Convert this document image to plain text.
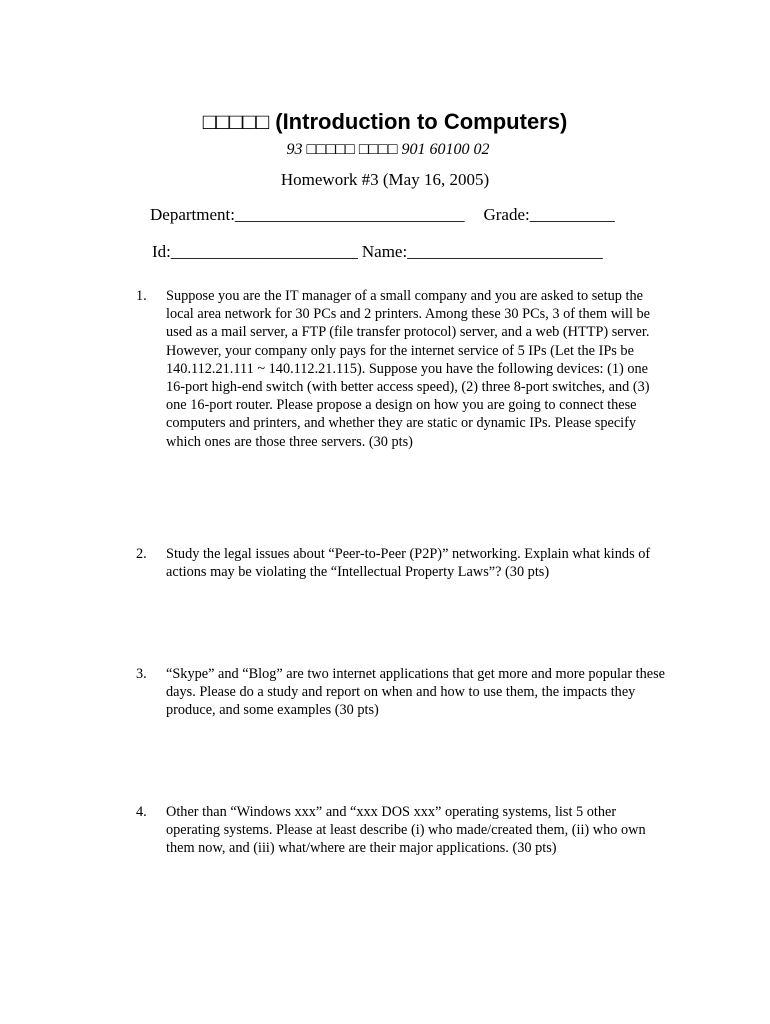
□□□□□ (Introduction to Computers)
93 □□□□□ □□□□ 901 60100 02
Homework #3 (May 16, 2005)
Department:___________________________ Grade:__________
Id:______________________ Name:_______________________
1. Suppose you are the IT manager of a small company and you are asked to setup the local area network for 30 PCs and 2 printers. Among these 30 PCs, 3 of them will be used as a mail server, a FTP (file transfer protocol) server, and a web (HTTP) server. However, your company only pays for the internet service of 5 IPs (Let the IPs be 140.112.21.111 ~ 140.112.21.115). Suppose you have the following devices: (1) one 16-port high-end switch (with better access speed), (2) three 8-port switches, and (3) one 16-port router. Please propose a design on how you are going to connect these computers and printers, and whether they are static or dynamic IPs. Please specify which ones are those three servers. (30 pts)
2. Study the legal issues about “Peer-to-Peer (P2P)” networking. Explain what kinds of actions may be violating the “Intellectual Property Laws”? (30 pts)
3. “Skype” and “Blog” are two internet applications that get more and more popular these days. Please do a study and report on when and how to use them, the impacts they produce, and some examples (30 pts)
4. Other than “Windows xxx” and “xxx DOS xxx” operating systems, list 5 other operating systems. Please at least describe (i) who made/created them, (ii) who own them now, and (iii) what/where are their major applications. (30 pts)
